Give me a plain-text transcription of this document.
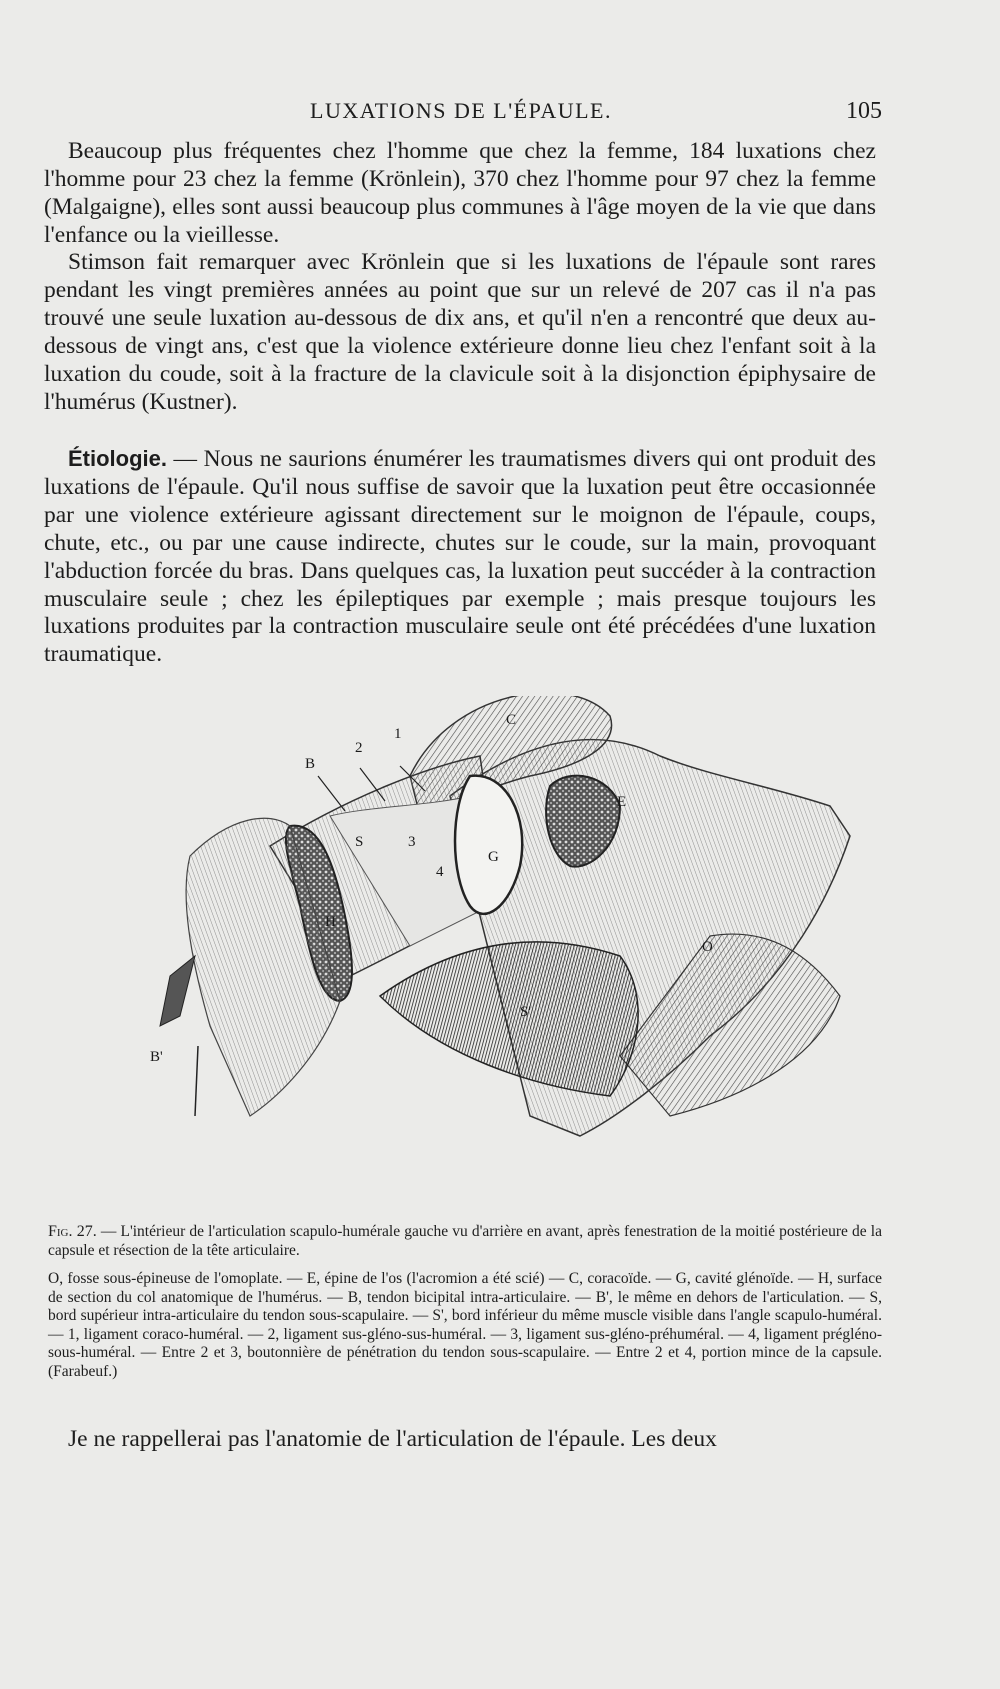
LUXATIONS DE L'ÉPAULE.	105

Beaucoup plus fréquentes chez l'homme que chez la femme, 184 luxations chez l'homme pour 23 chez la femme (Krönlein), 370 chez l'homme pour 97 chez la femme (Malgaigne), elles sont aussi beaucoup plus communes à l'âge moyen de la vie que dans l'enfance ou la vieillesse.

Stimson fait remarquer avec Krönlein que si les luxations de l'épaule sont rares pendant les vingt premières années au point que sur un relevé de 207 cas il n'a pas trouvé une seule luxation au-dessous de dix ans, et qu'il n'en a rencontré que deux au-dessous de vingt ans, c'est que la violence extérieure donne lieu chez l'enfant soit à la luxation du coude, soit à la fracture de la clavicule soit à la disjonction épiphysaire de l'humérus (Kustner).

Étiologie. — Nous ne saurions énumérer les traumatismes divers qui ont produit des luxations de l'épaule. Qu'il nous suffise de savoir que la luxation peut être occasionnée par une violence extérieure agissant directement sur le moignon de l'épaule, coups, chute, etc., ou par une cause indirecte, chutes sur le coude, sur la main, provoquant l'abduction forcée du bras. Dans quelques cas, la luxation peut succéder à la contraction musculaire seule ; chez les épileptiques par exemple ; mais presque toujours les luxations produites par la contraction musculaire seule ont été précédées d'une luxation traumatique.

C
B
2
1
E
S	3
G
4
H
O
S'
B'

Fig. 27. — L'intérieur de l'articulation scapulo-humérale gauche vu d'arrière en avant, après fenestration de la moitié postérieure de la capsule et résection de la tête articulaire.

O, fosse sous-épineuse de l'omoplate. — E, épine de l'os (l'acromion a été scié) — C, coracoïde. — G, cavité glénoïde. — H, surface de section du col anatomique de l'humérus. — B, tendon bicipital intra-articulaire. — B', le même en dehors de l'articulation. — S, bord supérieur intra-articulaire du tendon sous-scapulaire. — S', bord inférieur du même muscle visible dans l'angle scapulo-huméral. — 1, ligament coraco-huméral. — 2, ligament sus-gléno-sus-huméral. — 3, ligament sus-gléno-préhuméral. — 4, ligament prégléno-sous-huméral. — Entre 2 et 3, boutonnière de pénétration du tendon sous-scapulaire. — Entre 2 et 4, portion mince de la capsule. (Farabeuf.)

Je ne rappellerai pas l'anatomie de l'articulation de l'épaule. Les deux
